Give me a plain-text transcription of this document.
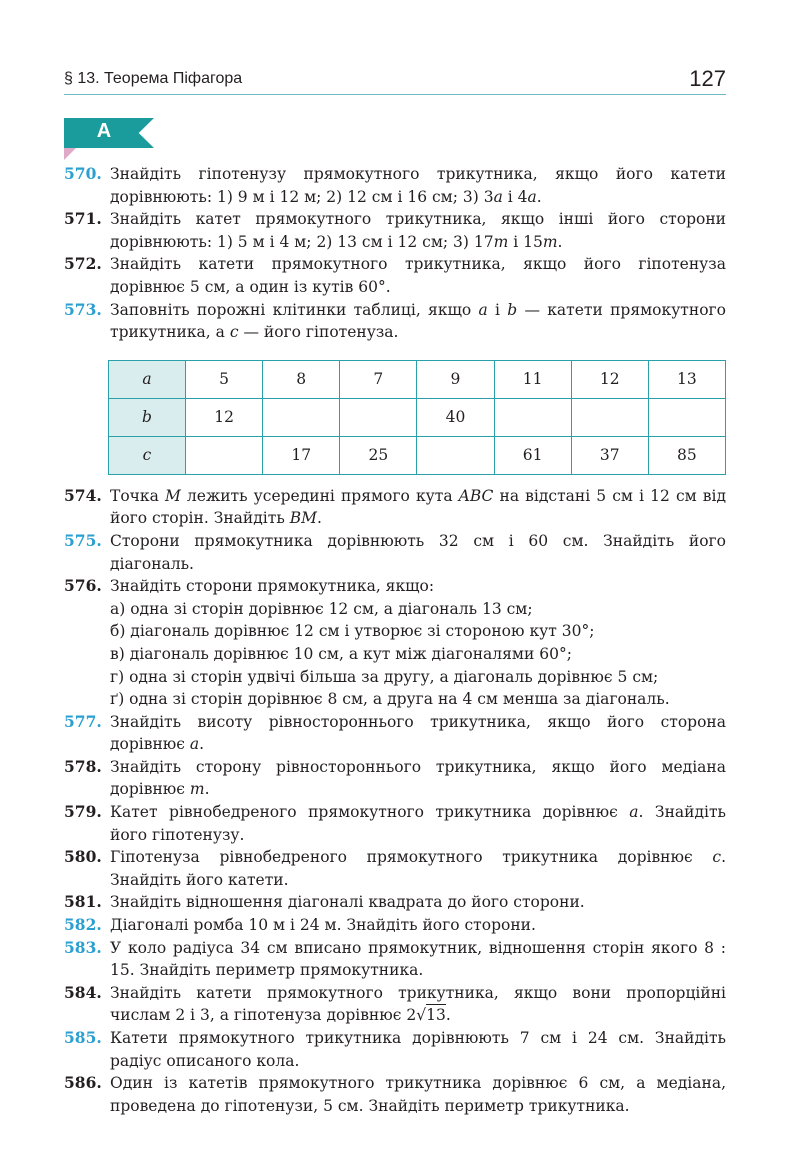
§ 13. Теорема Піфагора	127
А
570. Знайдіть гіпотенузу прямокутного трикутника, якщо його катети дорівнюють: 1) 9 м і 12 м; 2) 12 см і 16 см; 3) 3a і 4a.
571. Знайдіть катет прямокутного трикутника, якщо інші його сторони дорівнюють: 1) 5 м і 4 м; 2) 13 см і 12 см; 3) 17m і 15m.
572. Знайдіть катети прямокутного трикутника, якщо його гіпотенуза дорівнює 5 см, а один із кутів 60°.
573. Заповніть порожні клітинки таблиці, якщо a і b — катети прямокутного трикутника, а c — його гіпотенуза.
a	5	8	7	9	11	12	13
b	12			40			
c		17	25		61	37	85
574. Точка M лежить усередині прямого кута ABC на відстані 5 см і 12 см від його сторін. Знайдіть BM.
575. Сторони прямокутника дорівнюють 32 см і 60 см. Знайдіть його діагональ.
576. Знайдіть сторони прямокутника, якщо:
а) одна зі сторін дорівнює 12 см, а діагональ 13 см;
б) діагональ дорівнює 12 см і утворює зі стороною кут 30°;
в) діагональ дорівнює 10 см, а кут між діагоналями 60°;
г) одна зі сторін удвічі більша за другу, а діагональ дорівнює 5 см;
ґ) одна зі сторін дорівнює 8 см, а друга на 4 см менша за діагональ.
577. Знайдіть висоту рівностороннього трикутника, якщо його сторона дорівнює a.
578. Знайдіть сторону рівностороннього трикутника, якщо його медіана дорівнює m.
579. Катет рівнобедреного прямокутного трикутника дорівнює a. Знайдіть його гіпотенузу.
580. Гіпотенуза рівнобедреного прямокутного трикутника дорівнює c. Знайдіть його катети.
581. Знайдіть відношення діагоналі квадрата до його сторони.
582. Діагоналі ромба 10 м і 24 м. Знайдіть його сторони.
583. У коло радіуса 34 см вписано прямокутник, відношення сторін якого 8 : 15. Знайдіть периметр прямокутника.
584. Знайдіть катети прямокутного трикутника, якщо вони пропорційні числам 2 і 3, а гіпотенуза дорівнює 2√13.
585. Катети прямокутного трикутника дорівнюють 7 см і 24 см. Знайдіть радіус описаного кола.
586. Один із катетів прямокутного трикутника дорівнює 6 см, а медіана, проведена до гіпотенузи, 5 см. Знайдіть периметр трикутника.
